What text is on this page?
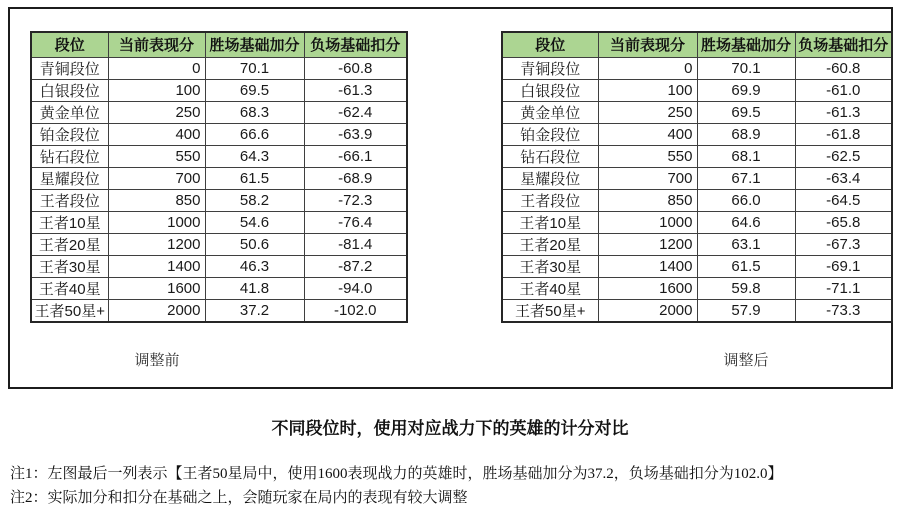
段位	当前表现分	胜场基础加分	负场基础扣分
青铜段位	0	70.1	-60.8
白银段位	100	69.5	-61.3
黄金单位	250	68.3	-62.4
铂金段位	400	66.6	-63.9
钻石段位	550	64.3	-66.1
星耀段位	700	61.5	-68.9
王者段位	850	58.2	-72.3
王者10星	1000	54.6	-76.4
王者20星	1200	50.6	-81.4
王者30星	1400	46.3	-87.2
王者40星	1600	41.8	-94.0
王者50星+	2000	37.2	-102.0
段位	当前表现分	胜场基础加分	负场基础扣分
青铜段位	0	70.1	-60.8
白银段位	100	69.9	-61.0
黄金单位	250	69.5	-61.3
铂金段位	400	68.9	-61.8
钻石段位	550	68.1	-62.5
星耀段位	700	67.1	-63.4
王者段位	850	66.0	-64.5
王者10星	1000	64.6	-65.8
王者20星	1200	63.1	-67.3
王者30星	1400	61.5	-69.1
王者40星	1600	59.8	-71.1
王者50星+	2000	57.9	-73.3
调整前	调整后
不同段位时，使用对应战力下的英雄的计分对比
注1：左图最后一列表示【王者50星局中，使用1600表现战力的英雄时，胜场基础加分为37.2，负场基础扣分为102.0】
注2：实际加分和扣分在基础之上，会随玩家在局内的表现有较大调整
